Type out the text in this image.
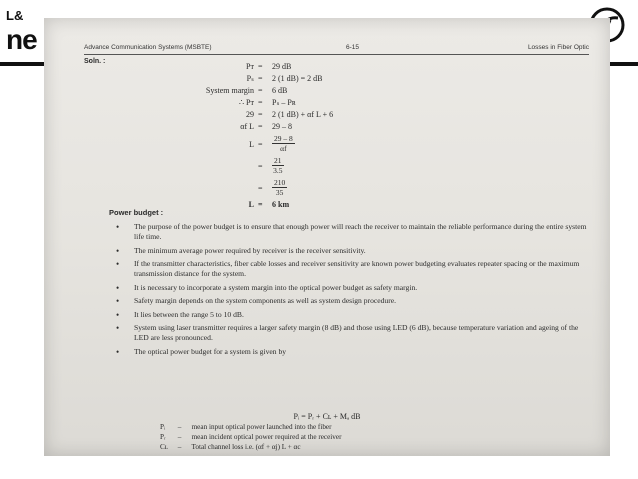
L&
ne	Advance Communication Systems (MSBTE)	6-15	Losses in Fiber Optic
Soln. :
Pᴛ = 29 dB
Pₛ = 2 (1 dB) = 2 dB
System margin = 6 dB
∴ Pᴛ = Pₛ – Pʀ
29 = 2 (1 dB) + αf L + 6
αf L = 29 – 8
$L = \frac{29 - 8}{\alpha f}$
= $\frac{21}{3.5}$
= $\frac{210}{35}$
L = 6 km
Power budget :
• The purpose of the power budget is to ensure that enough power will reach the receiver to maintain the reliable performance during the entire system life time.
• The minimum average power required by receiver is the receiver sensitivity.
• If the transmitter characteristics, fiber cable losses and receiver sensitivity are known power budgeting evaluates repeater spacing or the maximum transmission distance for the system.
• It is necessary to incorporate a system margin into the optical power budget as safety margin.
• Safety margin depends on the system components as well as system design procedure.
• It lies between the range 5 to 10 dB.
• System using laser transmitter requires a larger safety margin (8 dB) and those using LED (6 dB), because temperature variation and ageing of the LED are less pronounced.
• The optical power budget for a system is given by
Pᵢ = Pᵣ + Cʟ + Mₐ dB
Pᵢ – mean input optical power launched into the fiber
Pᵣ – mean incident optical power required at the receiver
Cʟ – Total channel loss i.e. (αf + αj) L + αc
